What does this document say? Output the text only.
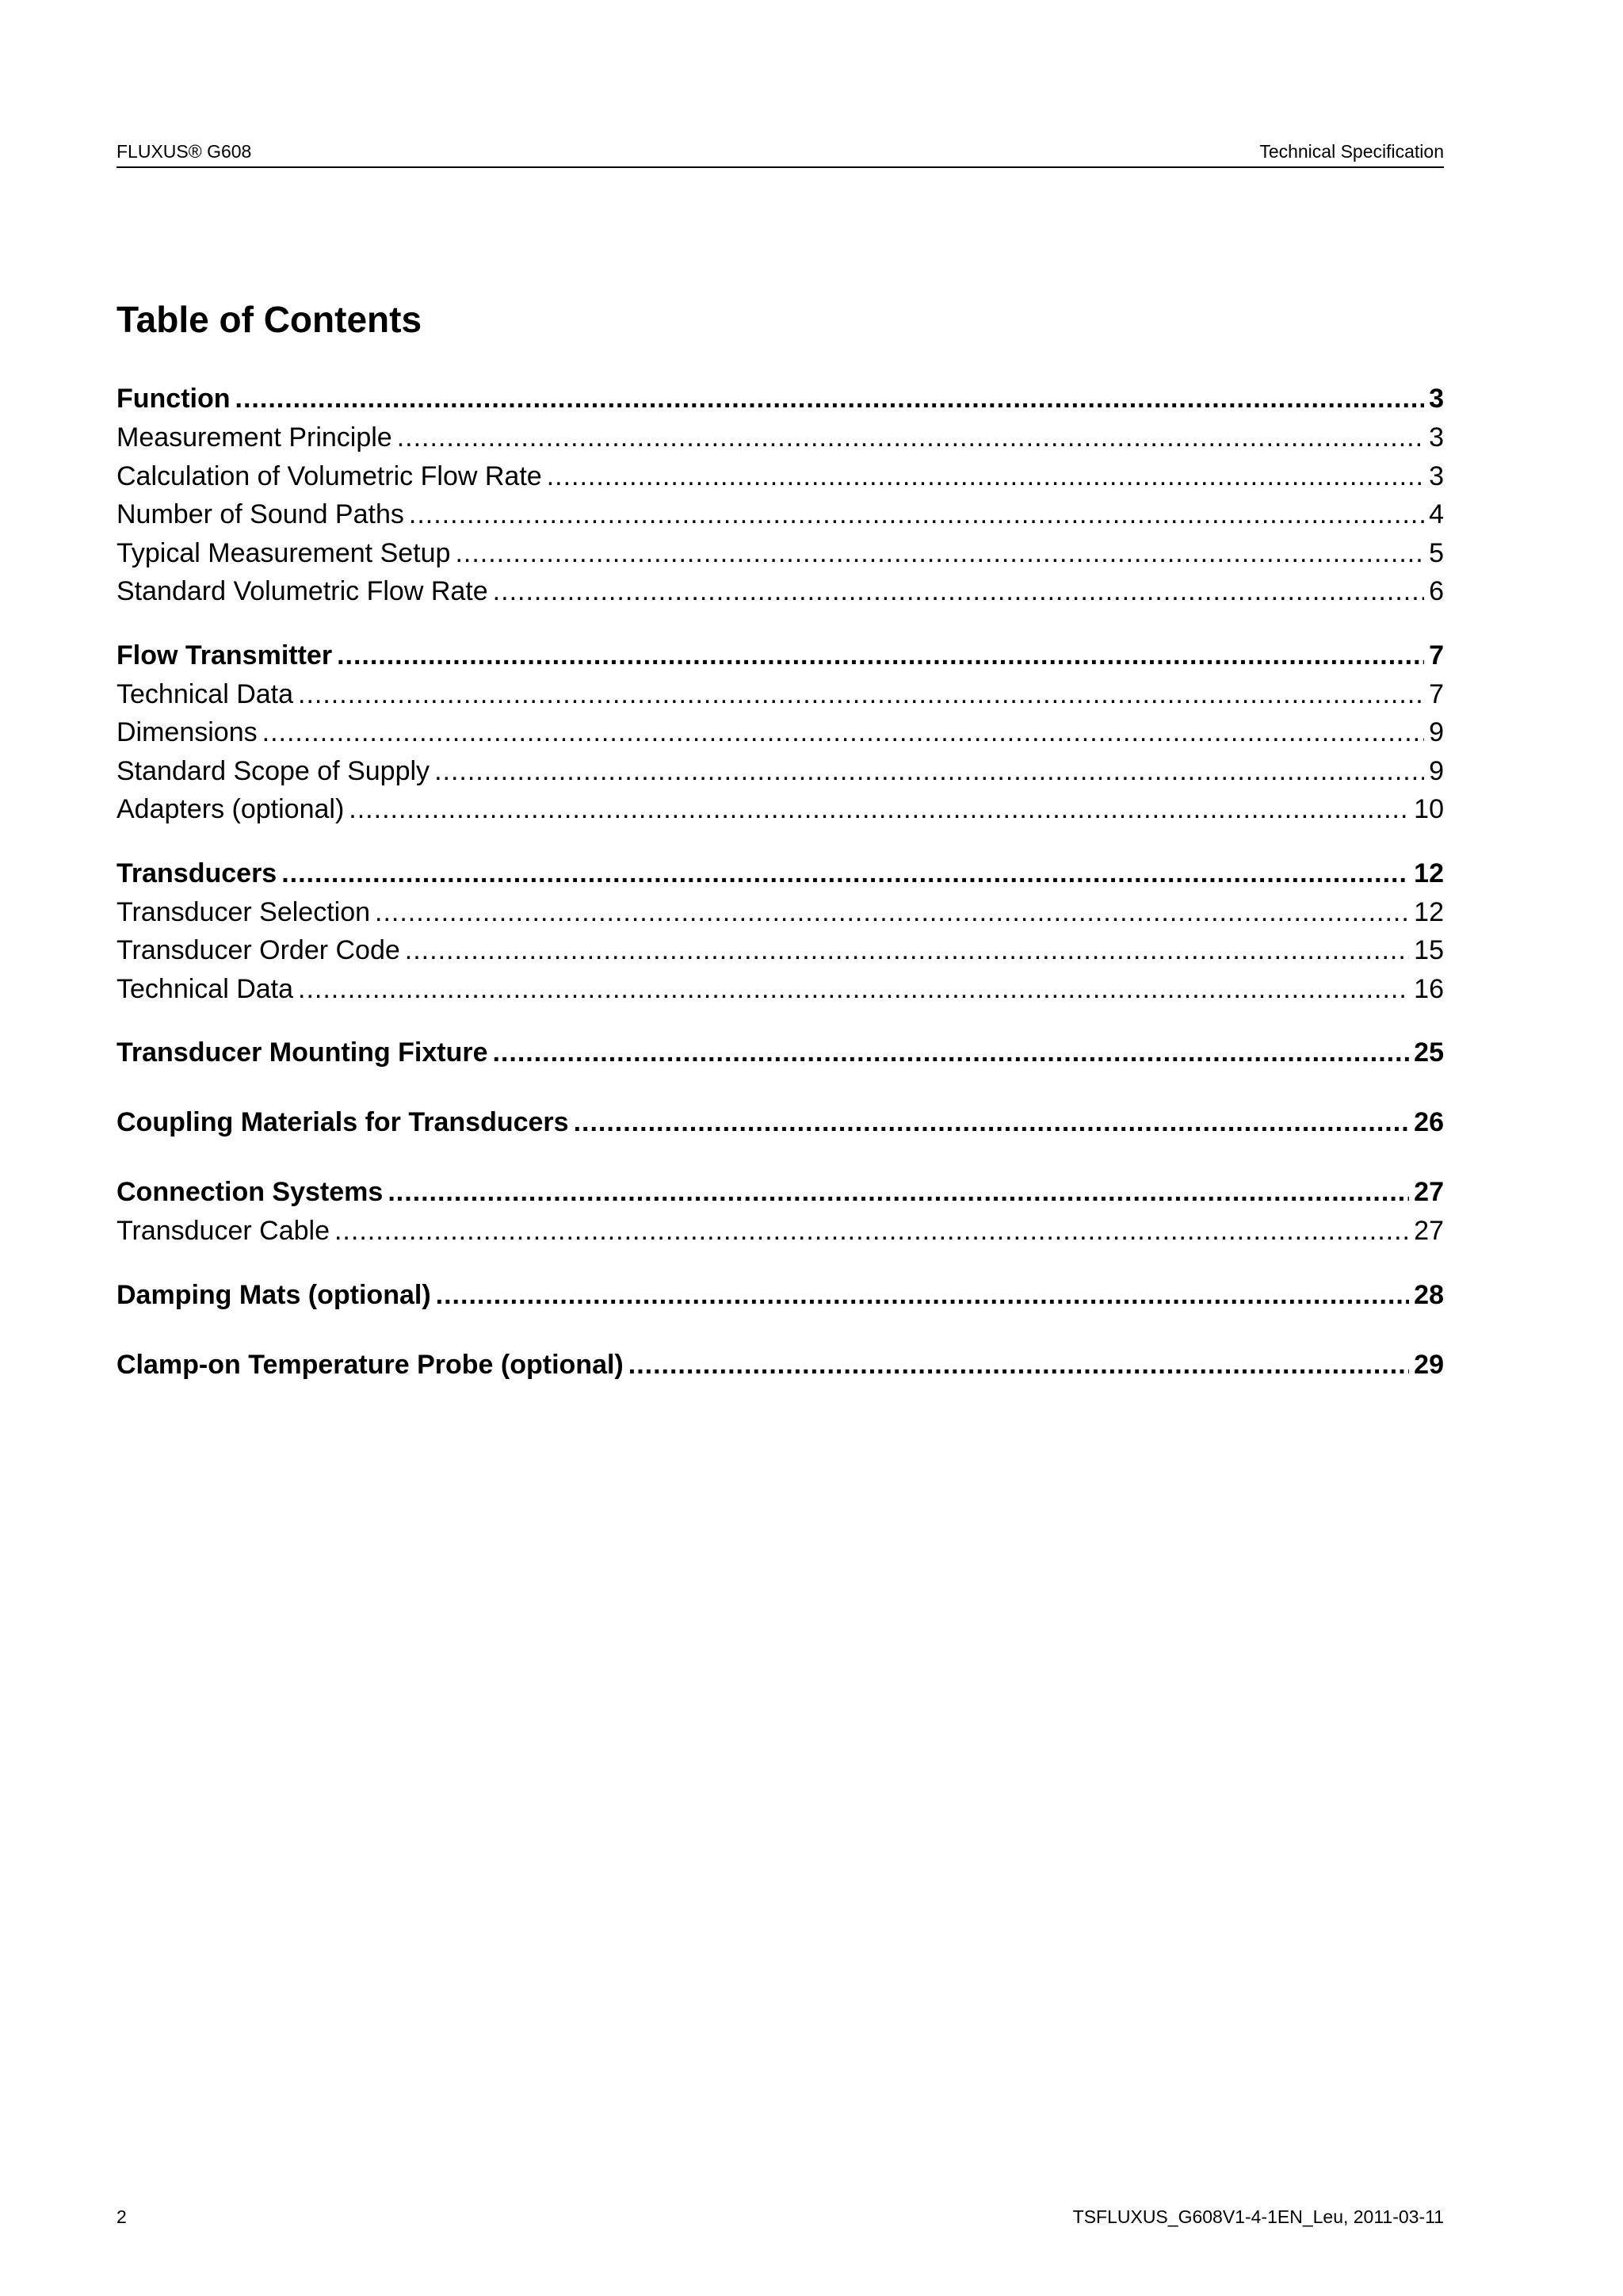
FLUXUS® G608	Technical Specification
Table of Contents
Function .....	3
Measurement Principle .....	3
Calculation of Volumetric Flow Rate .....	3
Number of Sound Paths .....	4
Typical Measurement Setup .....	5
Standard Volumetric Flow Rate .....	6
Flow Transmitter .....	7
Technical Data .....	7
Dimensions .....	9
Standard Scope of Supply .....	9
Adapters (optional) .....	10
Transducers .....	12
Transducer Selection .....	12
Transducer Order Code .....	15
Technical Data .....	16
Transducer Mounting Fixture .....	25
Coupling Materials for Transducers .....	26
Connection Systems .....	27
Transducer Cable .....	27
Damping Mats (optional) .....	28
Clamp-on Temperature Probe (optional) .....	29
2	TSFLUXUS_G608V1-4-1EN_Leu, 2011-03-11
